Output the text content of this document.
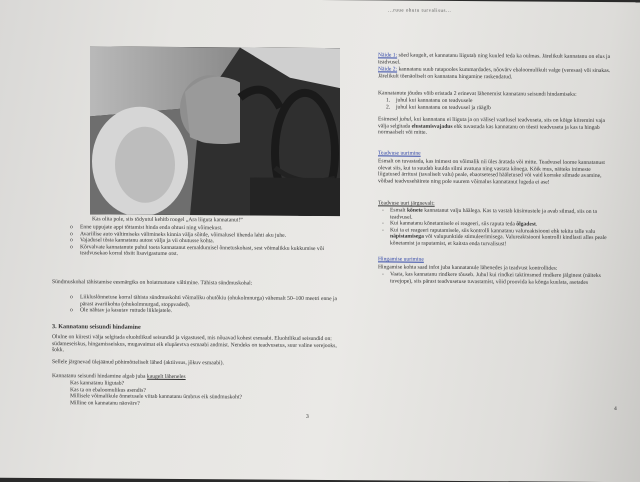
...ruue ohutu turvalisus...

Kas olita pole, siis tõdyutul kehitb roogel „Ara liiguta kannatanut!”

o Enne uppujate appi tõttamist hinda enda ohtusi ning võimekust.
o Avariilise auto vältimiseks välimineks kinnia välja sõitde, võimalusel ühenda lahti aku juhe.
o Vajadusel tõsta kannatanu autost välja ja vii ohutusse kohta.
o Kõrvalvate kannatanute puhul toeta kannatanut eemaldumisel õnnetuskohast, sest võimalikku kukkumise või teadvusekao korral tõsiit lisavigastume otst.

Sündmuskohal tähistamise eesmärgiks on hoiatmatuste vältimine. Tähista sündmuskohal:

o Liikluslõnnetuse korral tähista sündmuskohti võimaliku ohutõkiu (ohukolmnurga) vähemalt 50–100 meetri enne ja pärast avariikohta (ohukolmnurgad, stoppvaded).
o Ole nähtav ja kasutav ruttude liiklejatele.
3. Kannatanu seisundi hindamine

Olulne on kiiresti välja selgitada eluohtlikud seisundid ja vigastused, mis nõuavad kohest esmaabi. Eluohtlikud seisundid on: südameseiskus, hingamisseiskus, mugavaimat eik elupäevtva esmaabi andmist. Nendeks on teadvusetus, suur valine verejooks, šokk.

Sellele järgnevad ülejäänud pöhimõtteliselt lähed (aktiivsus, jõkuv esmaabi).

Kannatanu seisundi hindamine algab juba kaugelt läheneles

Kas kannatanu liigutab?
Kas ta on ebaloomulikus asendis?
Millisele võimalikule õnnetusele viitab kannatanu ümbrus eik sündmuskoht?
Milline on kannatanu näovärv?
3

Näide 1: sõed kaugelt, et kannatanu liigutab ning kuuled teda ka oulmas. Järelikult kannatanu on elus ja teadvusel.

Näide 2: kannatanu suub ratapooles kummardades, nõovärv ebaloomulikult valge (veresaa) või sinakas. Järelikult tõenäoliselt on kannatanu hingamine raskendatud.

Kannatanute jõudes võib eristada 2 erinevat lähenemist kannatanu seisundi hindamiseks:

1. juhul kui kannatanu on teadvusele
2. juhul kui kannatanu on teadvusel ja rääglb

Esimesel juhul, kui kannatanu ei liiguta ja on välisel vaatlusel teadvuseta, siis on kõige kiiremini vaja välja selgitada elustamisvajadus ehk tuvastada kas kannatanu on tõesti teadvuseta ja kas ta hingab normaalselt või mitte.

Teadvuse uurimine

Esmalt on tuvastada, kas inimest on võimalik nii üles äratada või mitte. Teadvusel loome kannatanust olevat siis, kui ta suudab kuulda silmi avatuna ning vastata kõnega. Kõik mus, näiteks inimeste liigutused ärritusi (tavaliselt valu) peale, ebaotsetesed hääletused või vaid korrake silmade avamine, võibad teadvusehäirete ning pole suurem võimalus kannatanut lugeda ei ase!

Teadvuse uuri järgnevalt:

- Esmalt kõnete kannatanut valju häälega. Kas ta vastab küsimustele ja avab silmad, siis on ta teadvusel.
- Kui kannatanu kõnetamisele ei reageeri, siis raputa teda õlgadest.
- Kui ta ei reageeri raputamisele, siis kontrolli kannatanu valureaktsiooni ehk tekita talle valu näpistamisega või valupunktide stimuleerimisega. Valureaktsiooni kontrolli kindlasti alles peale kõnetamist ja raputamist, et kaitsta enda turvalisust!

Hingamise uurimine

Hingamise kohta saad infot juba kannatanule lähenedes ja teadvust kontrollides:

- Vaata, kas kannatanu rindkere tõuseb. Juhul kui rindkei taktimsmed rindkere jälginest (näiteks tuvejope), siis pärast teadvusetuse tuvastamist, võid proovida ka kõnga kuulata, asetades
4
